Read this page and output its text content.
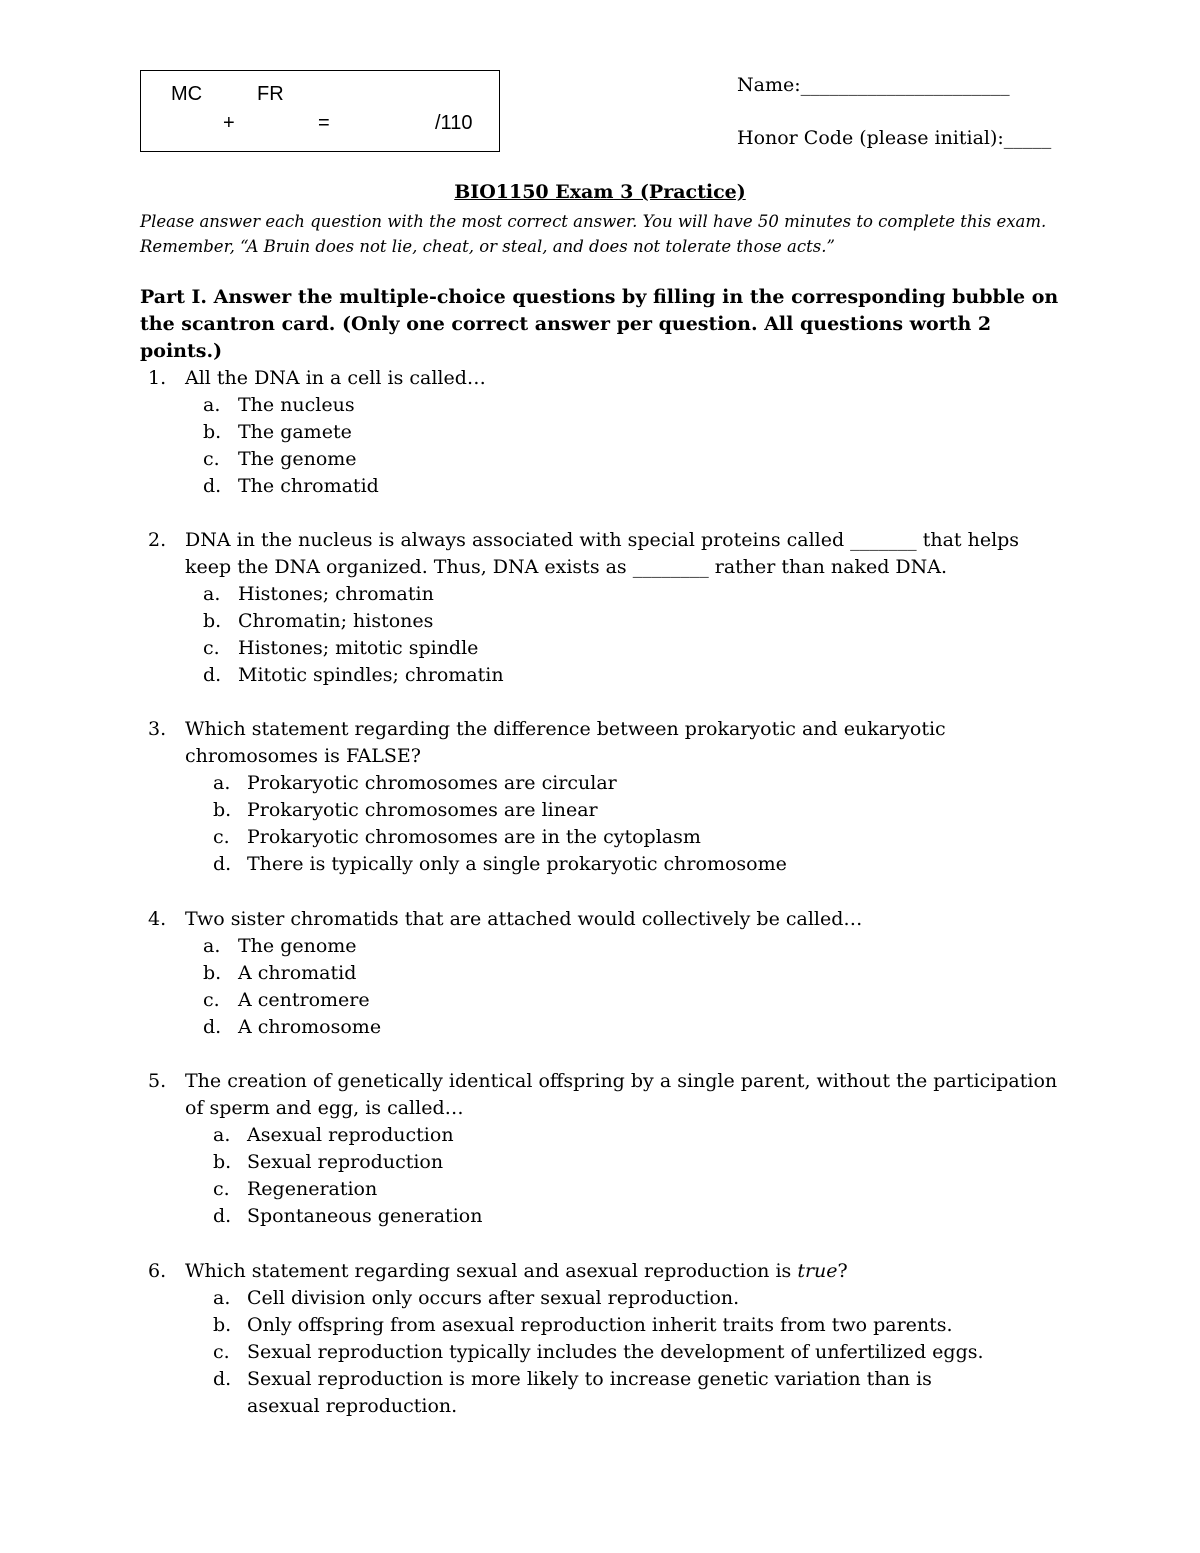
MC	FR
+	=	/110
Name:______________________
Honor Code (please initial):_____
BIO1150 Exam 3 (Practice)
Please answer each question with the most correct answer. You will have 50 minutes to complete this exam. Remember, “A Bruin does not lie, cheat, or steal, and does not tolerate those acts.”
Part I. Answer the multiple-choice questions by filling in the corresponding bubble on the scantron card. (Only one correct answer per question. All questions worth 2 points.)
1. All the DNA in a cell is called…
a. The nucleus
b. The gamete
c. The genome
d. The chromatid
2. DNA in the nucleus is always associated with special proteins called _______ that helps keep the DNA organized. Thus, DNA exists as ________ rather than naked DNA.
a. Histones; chromatin
b. Chromatin; histones
c. Histones; mitotic spindle
d. Mitotic spindles; chromatin
3. Which statement regarding the difference between prokaryotic and eukaryotic chromosomes is FALSE?
a. Prokaryotic chromosomes are circular
b. Prokaryotic chromosomes are linear
c. Prokaryotic chromosomes are in the cytoplasm
d. There is typically only a single prokaryotic chromosome
4. Two sister chromatids that are attached would collectively be called…
a. The genome
b. A chromatid
c. A centromere
d. A chromosome
5. The creation of genetically identical offspring by a single parent, without the participation of sperm and egg, is called…
a. Asexual reproduction
b. Sexual reproduction
c. Regeneration
d. Spontaneous generation
6. Which statement regarding sexual and asexual reproduction is true?
a. Cell division only occurs after sexual reproduction.
b. Only offspring from asexual reproduction inherit traits from two parents.
c. Sexual reproduction typically includes the development of unfertilized eggs.
d. Sexual reproduction is more likely to increase genetic variation than is asexual reproduction.
